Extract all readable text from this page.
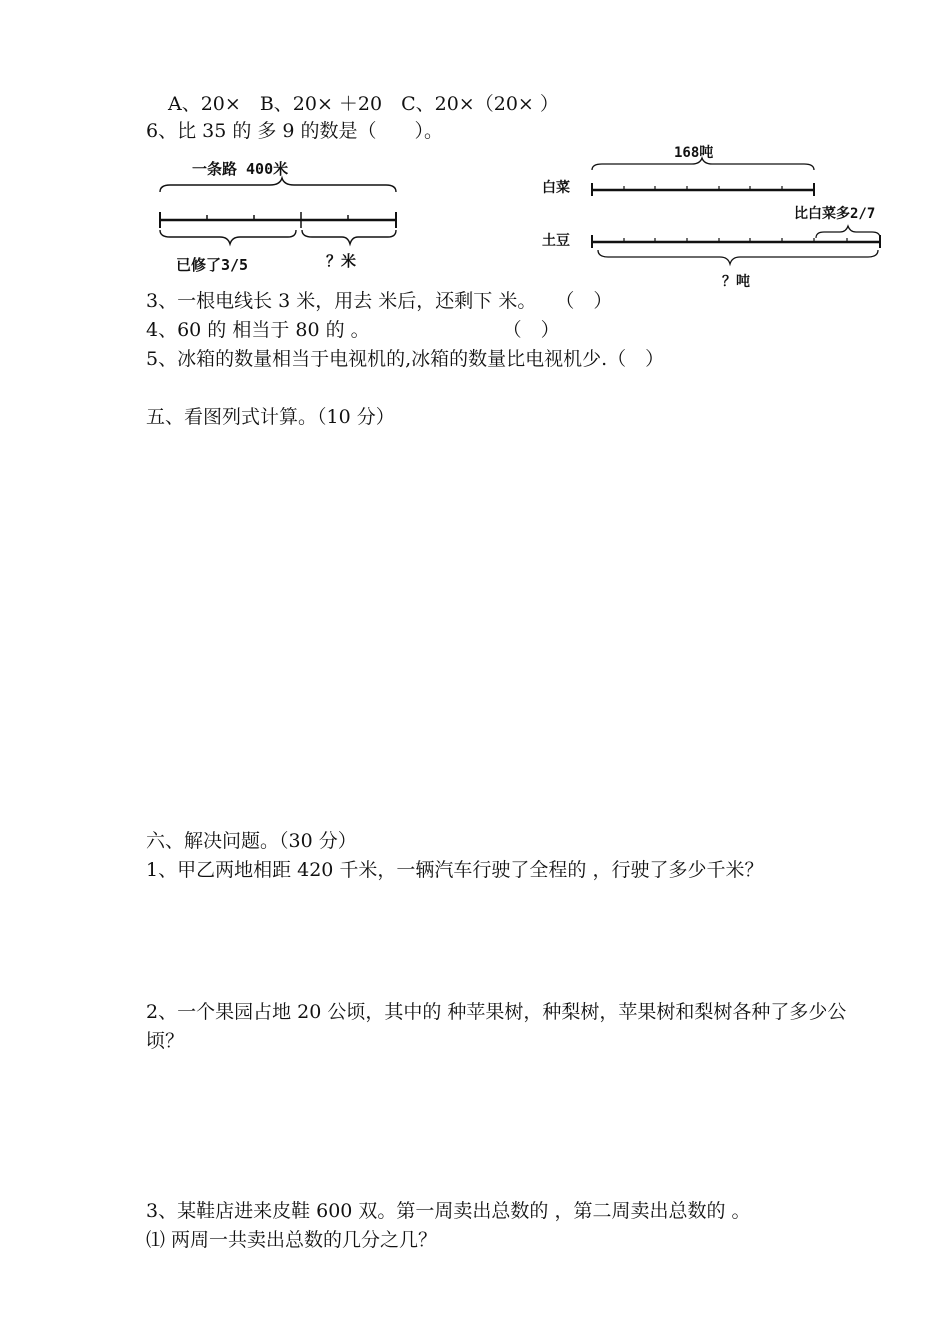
A、20×　B、20× ＋20　C、20×（20× ）
6、比 35 的 多 9 的数是（　　）。
一条路 400米
已修了3/5	？米
168吨
白菜
比白菜多2/7
土豆
？吨
3、一根电线长 3 米，用去 米后，还剩下 米。　　（　）
4、60 的 相当于 80 的 。　　　　　　　　（　）
5、冰箱的数量相当于电视机的,冰箱的数量比电视机少.（　）
五、看图列式计算。（10 分）
六、解决问题。（30 分）
1、甲乙两地相距 420 千米，一辆汽车行驶了全程的 ，行驶了多少千米？
2、一个果园占地 20 公顷，其中的 种苹果树，种梨树，苹果树和梨树各种了多少公
顷？
3、某鞋店进来皮鞋 600 双。第一周卖出总数的 ，第二周卖出总数的 。
⑴ 两周一共卖出总数的几分之几？
